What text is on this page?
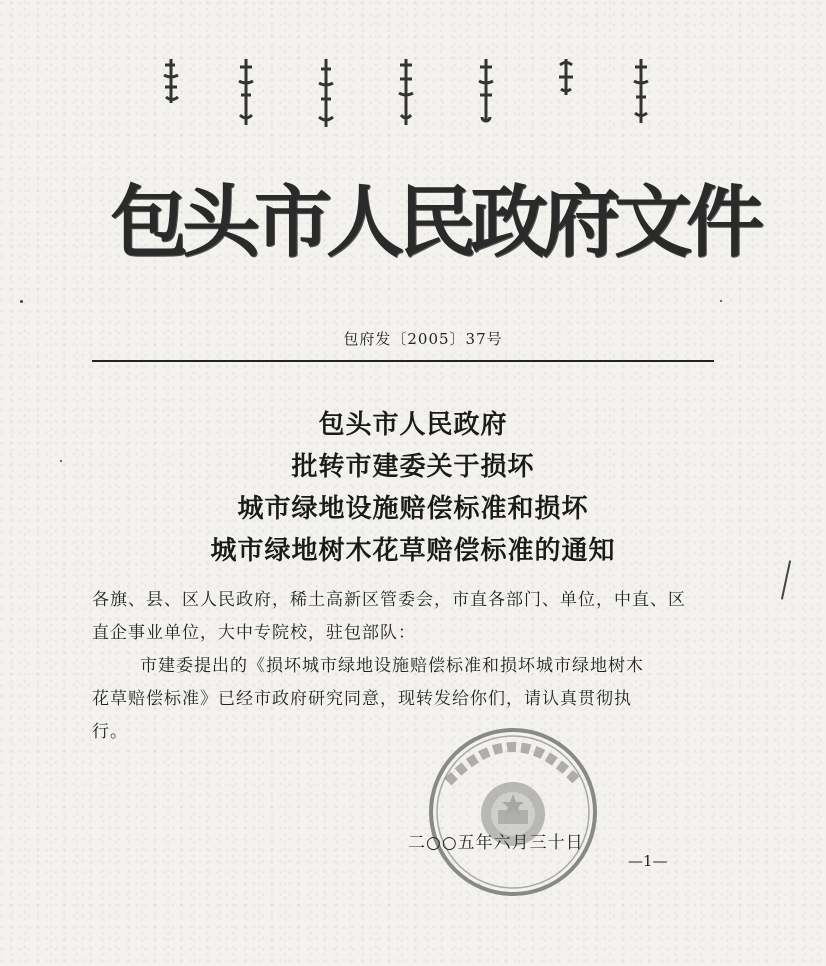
包头市人民政府文件
包府发〔2005〕37号
包头市人民政府
批转市建委关于损坏
城市绿地设施赔偿标准和损坏
城市绿地树木花草赔偿标准的通知
各旗、县、区人民政府，稀土高新区管委会，市直各部门、单位，中直、区
直企事业单位，大中专院校，驻包部队：
市建委提出的《损坏城市绿地设施赔偿标准和损坏城市绿地树木
花草赔偿标准》已经市政府研究同意，现转发给你们，请认真贯彻执
行。
二○○五年六月三十日
—1—
